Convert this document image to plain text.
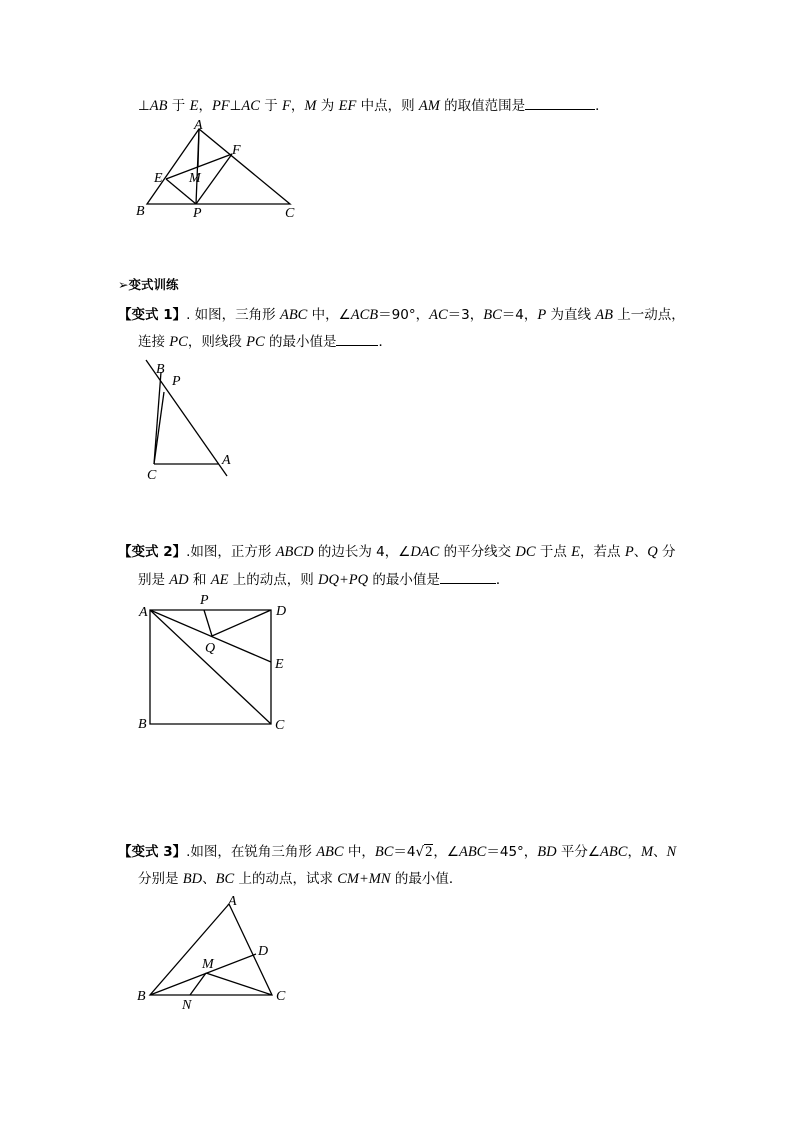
⊥AB 于 E，PF⊥AC 于 F，M 为 EF 中点，则 AM 的取值范围是	．
A
F
E M
B	P	C
➢变式训练
【变式 1】. 如图，三角形 ABC 中，∠ACB＝90°，AC＝3，BC＝4，P 为直线 AB 上一动点，
连接 PC，则线段 PC 的最小值是	．
B
P
A
C
【变式 2】.如图，正方形 ABCD 的边长为 4，∠DAC 的平分线交 DC 于点 E，若点 P、Q 分
别是 AD 和 AE 上的动点，则 DQ+PQ 的最小值是	．
A
P
D
Q
E
B	C
【变式 3】.如图，在锐角三角形 ABC 中，BC＝4√2，∠ABC＝45°，BD 平分∠ABC，M、N
分别是 BD、BC 上的动点，试求 CM+MN 的最小值．
A
D
M
B
N
C
